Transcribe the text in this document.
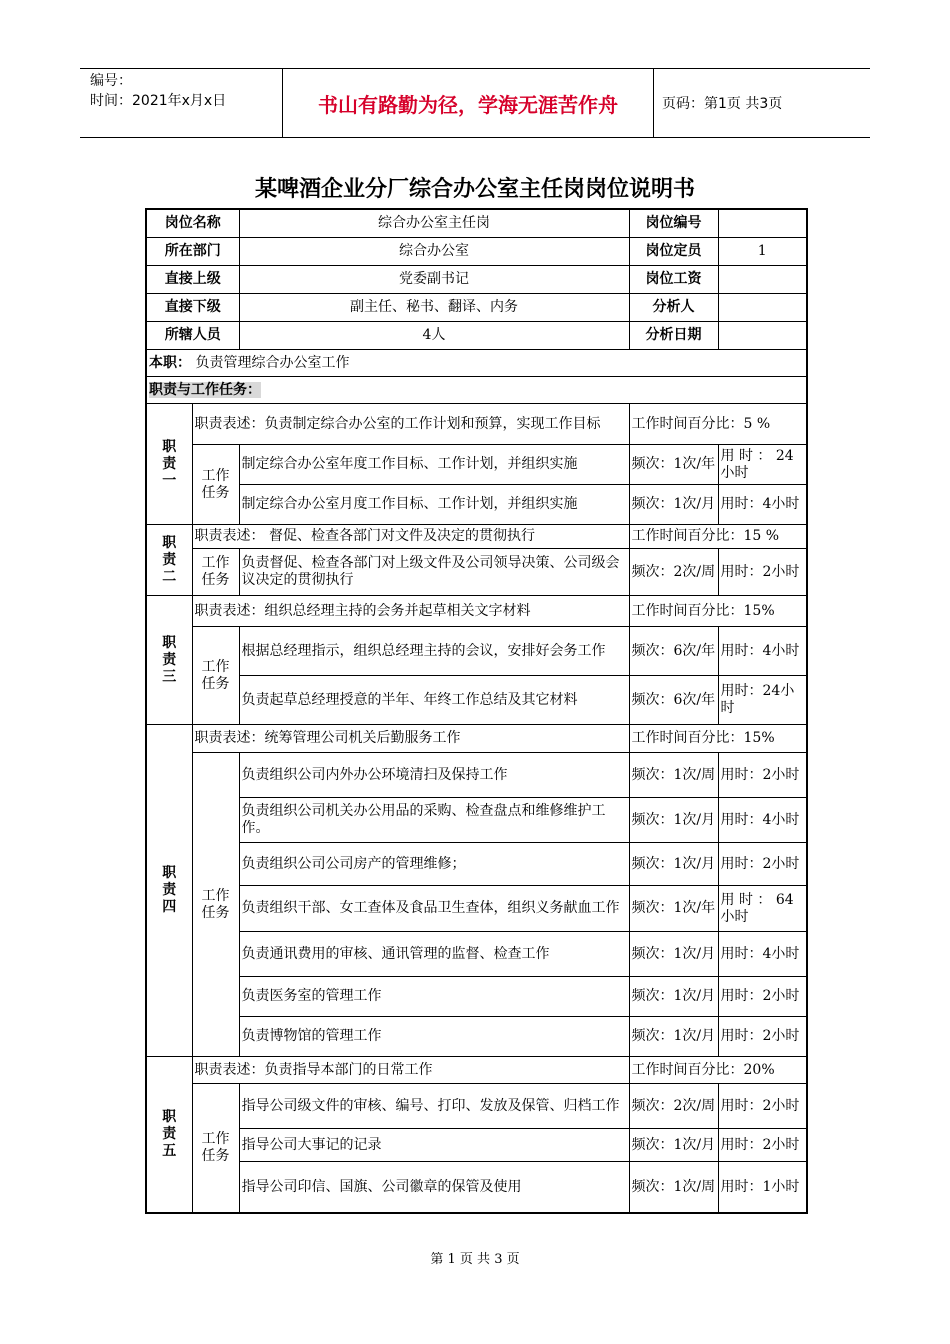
编号：
时间：2021年x月x日	书山有路勤为径，学海无涯苦作舟	页码：第1页 共3页
某啤酒企业分厂综合办公室主任岗岗位说明书
岗位名称		综合办公室主任岗	岗位编号	
所在部门		综合办公室	岗位定员	1
直接上级		党委副书记	岗位工资	
直接下级		副主任、秘书、翻译、内务	分析人	
所辖人员		4人	分析日期	
本职： 负责管理综合办公室工作				
职责与工作任务：				
职责一	职责表述：负责制定综合办公室的工作计划和预算，实现工作目标		工作时间百分比：5 %	
	工作任务	制定综合办公室年度工作目标、工作计划，并组织实施	频次：1次/年	用 时 ： 24小时
		制定综合办公室月度工作目标、工作计划，并组织实施	频次：1次/月	用时：4小时
职责二	职责表述： 督促、检查各部门对文件及决定的贯彻执行		工作时间百分比：15 %	
	工作任务	负责督促、检查各部门对上级文件及公司领导决策、公司级会议决定的贯彻执行	频次：2次/周	用时：2小时
职责三	职责表述：组织总经理主持的会务并起草相关文字材料		工作时间百分比：15%	
	工作任务	根据总经理指示，组织总经理主持的会议，安排好会务工作	频次：6次/年	用时：4小时
		负责起草总经理授意的半年、年终工作总结及其它材料	频次：6次/年	用时：24小时
职责四	职责表述：统筹管理公司机关后勤服务工作		工作时间百分比：15%	
	工作任务	负责组织公司内外办公环境清扫及保持工作	频次：1次/周	用时：2小时
		负责组织公司机关办公用品的采购、检查盘点和维修维护工作。	频次：1次/月	用时：4小时
		负责组织公司公司房产的管理维修；	频次：1次/月	用时：2小时
		负责组织干部、女工查体及食品卫生查体，组织义务献血工作	频次：1次/年	用 时 ： 64小时
		负责通讯费用的审核、通讯管理的监督、检查工作	频次：1次/月	用时：4小时
		负责医务室的管理工作	频次：1次/月	用时：2小时
		负责博物馆的管理工作	频次：1次/月	用时：2小时
职责五	职责表述：负责指导本部门的日常工作		工作时间百分比：20%	
	工作任务	指导公司级文件的审核、编号、打印、发放及保管、归档工作	频次：2次/周	用时：2小时
		指导公司大事记的记录	频次：1次/月	用时：2小时
		指导公司印信、国旗、公司徽章的保管及使用	频次：1次/周	用时：1小时
第 1 页 共 3 页
